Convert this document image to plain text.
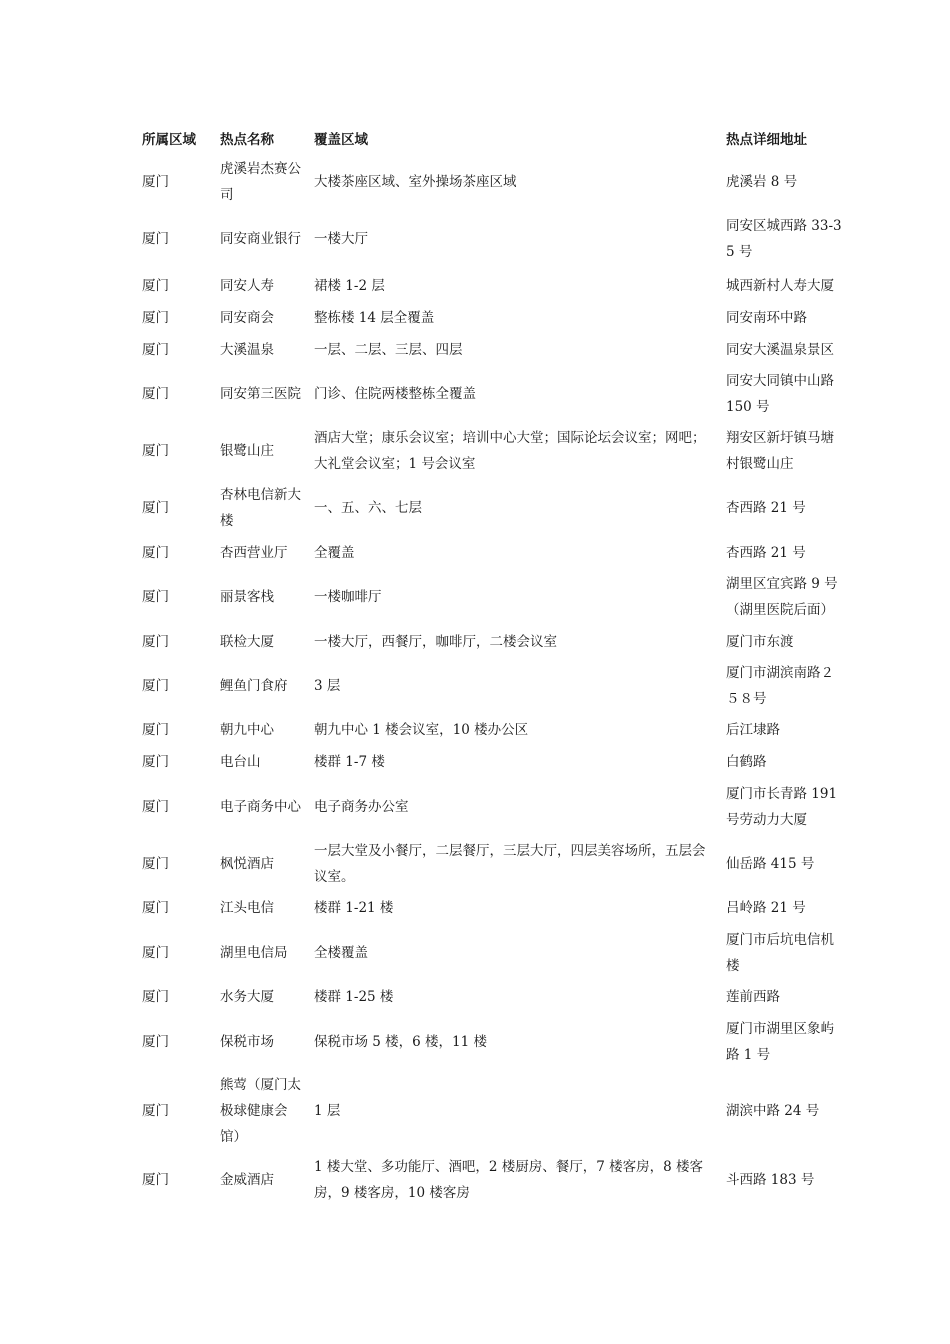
所属区域	热点名称	覆盖区域	热点详细地址
厦门	虎溪岩杰赛公司	大楼茶座区域、室外操场茶座区域	虎溪岩 8 号
厦门	同安商业银行	一楼大厅	同安区城西路 33-35 号
厦门	同安人寿	裙楼 1-2 层	城西新村人寿大厦
厦门	同安商会	整栋楼 14 层全覆盖	同安南环中路
厦门	大溪温泉	一层、二层、三层、四层	同安大溪温泉景区
厦门	同安第三医院	门诊、住院两楼整栋全覆盖	同安大同镇中山路 150 号
厦门	银鹭山庄	酒店大堂；康乐会议室；培训中心大堂；国际论坛会议室；网吧；大礼堂会议室；1 号会议室	翔安区新圩镇马塘村银鹭山庄
厦门	杏林电信新大楼	一、五、六、七层	杏西路 21 号
厦门	杏西营业厅	全覆盖	杏西路 21 号
厦门	丽景客栈	一楼咖啡厅	湖里区宜宾路 9 号（湖里医院后面）
厦门	联检大厦	一楼大厅，西餐厅，咖啡厅，二楼会议室	厦门市东渡
厦门	鲤鱼门食府	3 层	厦门市湖滨南路２５８号
厦门	朝九中心	朝九中心 1 楼会议室，10 楼办公区	后江埭路
厦门	电台山	楼群 1-7 楼	白鹤路
厦门	电子商务中心	电子商务办公室	厦门市长青路 191 号劳动力大厦
厦门	枫悦酒店	一层大堂及小餐厅，二层餐厅，三层大厅，四层美容场所，五层会议室。	仙岳路 415 号
厦门	江头电信	楼群 1-21 楼	吕岭路 21 号
厦门	湖里电信局	全楼覆盖	厦门市后坑电信机楼
厦门	水务大厦	楼群 1-25 楼	莲前西路
厦门	保税市场	保税市场 5 楼，6 楼，11 楼	厦门市湖里区象屿路 1 号
厦门	熊莺（厦门太极球健康会馆）	1 层	湖滨中路 24 号
厦门	金威酒店	1 楼大堂、多功能厅、酒吧，2 楼厨房、餐厅，7 楼客房，8 楼客房，9 楼客房，10 楼客房	斗西路 183 号
